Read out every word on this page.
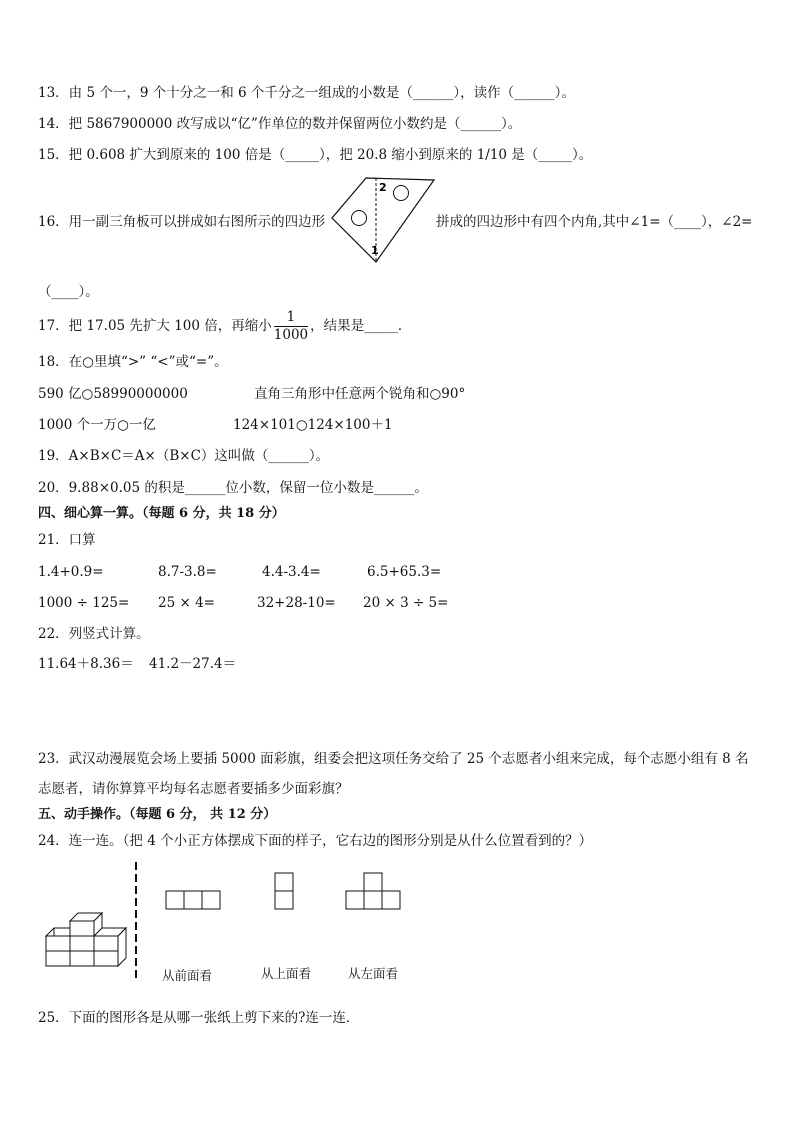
13．由 5 个一，9 个十分之一和 6 个千分之一组成的小数是（______），读作（______）。
14．把 5867900000 改写成以“亿”作单位的数并保留两位小数约是（______）。
15．把 0.608 扩大到原来的 100 倍是（_____），把 20.8 缩小到原来的 1/10 是（_____）。
16．用一副三角板可以拼成如右图所示的四边形
2
1
拼成的四边形中有四个内角,其中∠1=（____），∠2=
（____）。
17．把 17.05 先扩大 100 倍，再缩小 $\frac{1}{1000}$ ，结果是_____．
18．在○里填“>” “<”或“=”。
590 亿○58990000000	直角三角形中任意两个锐角和○90°
1000 个一万○一亿	124×101○124×100＋1
19．A×B×C＝A×（B×C）这叫做（______）。
20．9.88×0.05 的积是______位小数，保留一位小数是______。
四、细心算一算。（每题 6 分，共 18 分）
21．口算
1.4+0.9=	8.7-3.8=	4.4-3.4=	6.5+65.3=
1000 ÷ 125= 25 × 4=	32+28-10= 20 × 3 ÷ 5=
22．列竖式计算。
11.64＋8.36＝ 41.2－27.4＝
23．武汉动漫展览会场上要插 5000 面彩旗，组委会把这项任务交给了 25 个志愿者小组来完成，每个志愿小组有 8 名
志愿者，请你算算平均每名志愿者要插多少面彩旗？
五、动手操作。（每题 6 分， 共 12 分）
24．连一连。（把 4 个小正方体摆成下面的样子，它右边的图形分别是从什么位置看到的？）
从前面看	从上面看	从左面看
25．下面的图形各是从哪一张纸上剪下来的?连一连．
